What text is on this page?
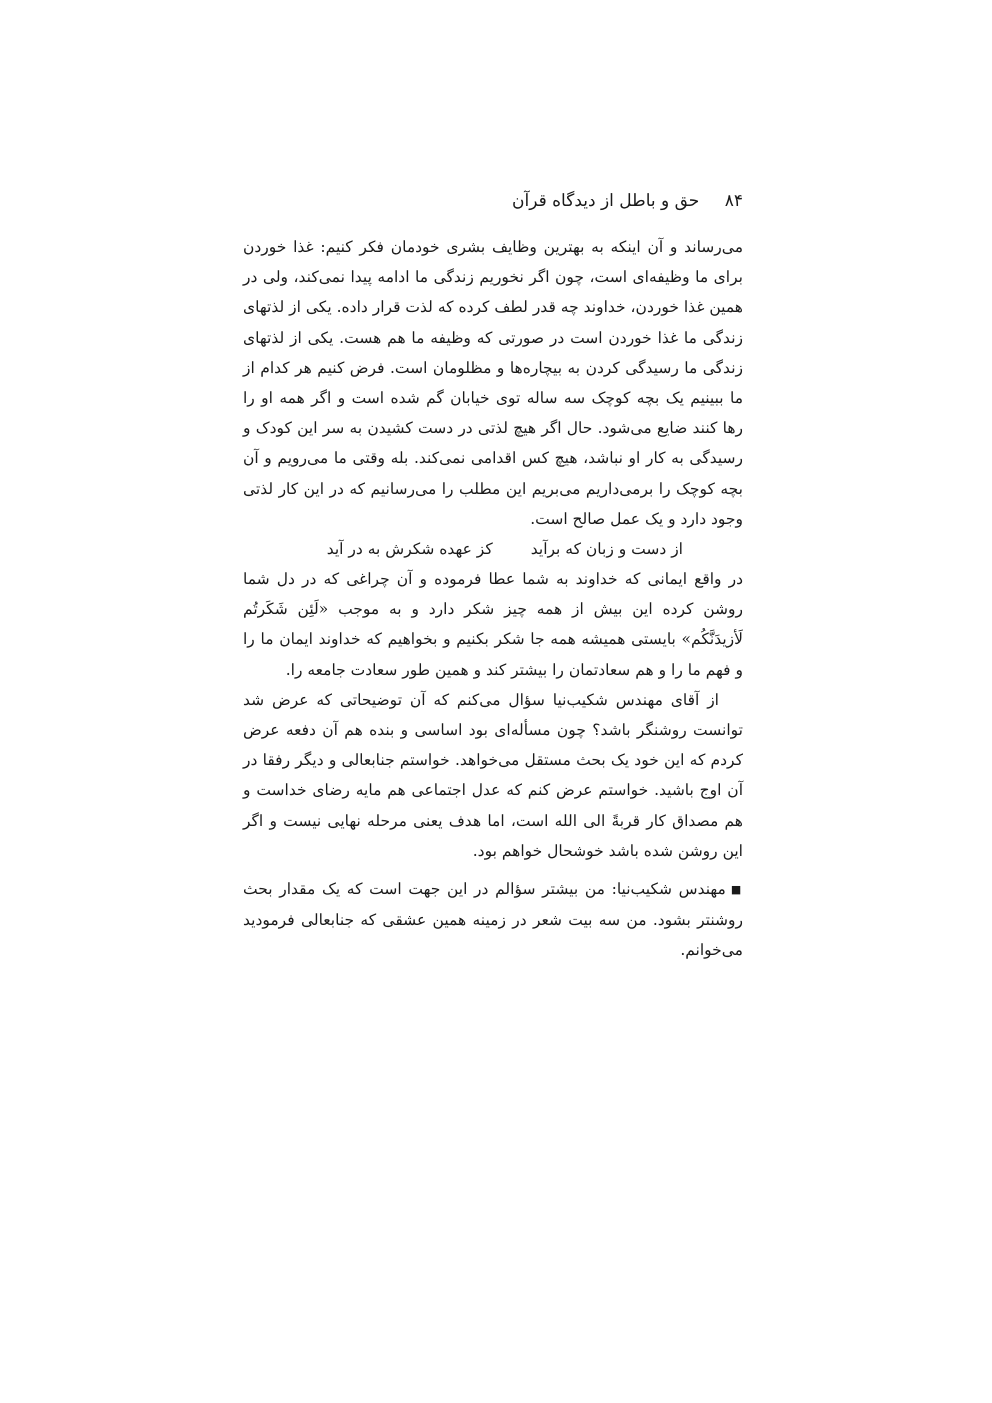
۸۴ حق و باطل از دیدگاه قرآن

می‌رساند و آن اینکه به بهترین وظایف بشری خودمان فکر کنیم: غذا خوردن برای ما وظیفه‌ای است، چون اگر نخوریم زندگی ما ادامه پیدا نمی‌کند، ولی در همین غذا خوردن، خداوند چه قدر لطف کرده که لذت قرار داده. یکی از لذتهای زندگی ما غذا خوردن است در صورتی که وظیفه ما هم هست. یکی از لذتهای زندگی ما رسیدگی کردن به بیچاره‌ها و مظلومان است. فرض کنیم هر کدام از ما ببینیم یک بچه کوچک سه ساله توی خیابان گم شده است و اگر همه او را رها کنند ضایع می‌شود. حال اگر هیچ لذتی در دست کشیدن به سر این کودک و رسیدگی به کار او نباشد، هیچ کس اقدامی نمی‌کند. بله وقتی ما می‌رویم و آن بچه کوچک را برمی‌داریم می‌بریم این مطلب را می‌رسانیم که در این کار لذتی وجود دارد و یک عمل صالح است.

از دست و زبان که برآید
کز عهده شکرش به در آید

در واقع ایمانی که خداوند به شما عطا فرموده و آن چراغی که در دل شما روشن کرده این بیش از همه چیز شکر دارد و به موجب «لَئِن شَکَرتُم لَأزیدَنَّکُم» بایستی همیشه همه جا شکر بکنیم و بخواهیم که خداوند ایمان ما را و فهم ما را و هم سعادتمان را بیشتر کند و همین طور سعادت جامعه را.

از آقای مهندس شکیب‌نیا سؤال می‌کنم که آن توضیحاتی که عرض شد توانست روشنگر باشد؟ چون مسأله‌ای بود اساسی و بنده هم آن دفعه عرض کردم که این خود یک بحث مستقل می‌خواهد. خواستم جنابعالی و دیگر رفقا در آن اوج باشید. خواستم عرض کنم که عدل اجتماعی هم مایه رضای خداست و هم مصداق کار قربةً الی الله است، اما هدف یعنی مرحله نهایی نیست و اگر این روشن شده باشد خوشحال خواهم بود.

■مهندس شکیب‌نیا: من بیشتر سؤالم در این جهت است که یک مقدار بحث روشنتر بشود. من سه بیت شعر در زمینه همین عشقی که جنابعالی فرمودید می‌خوانم.
